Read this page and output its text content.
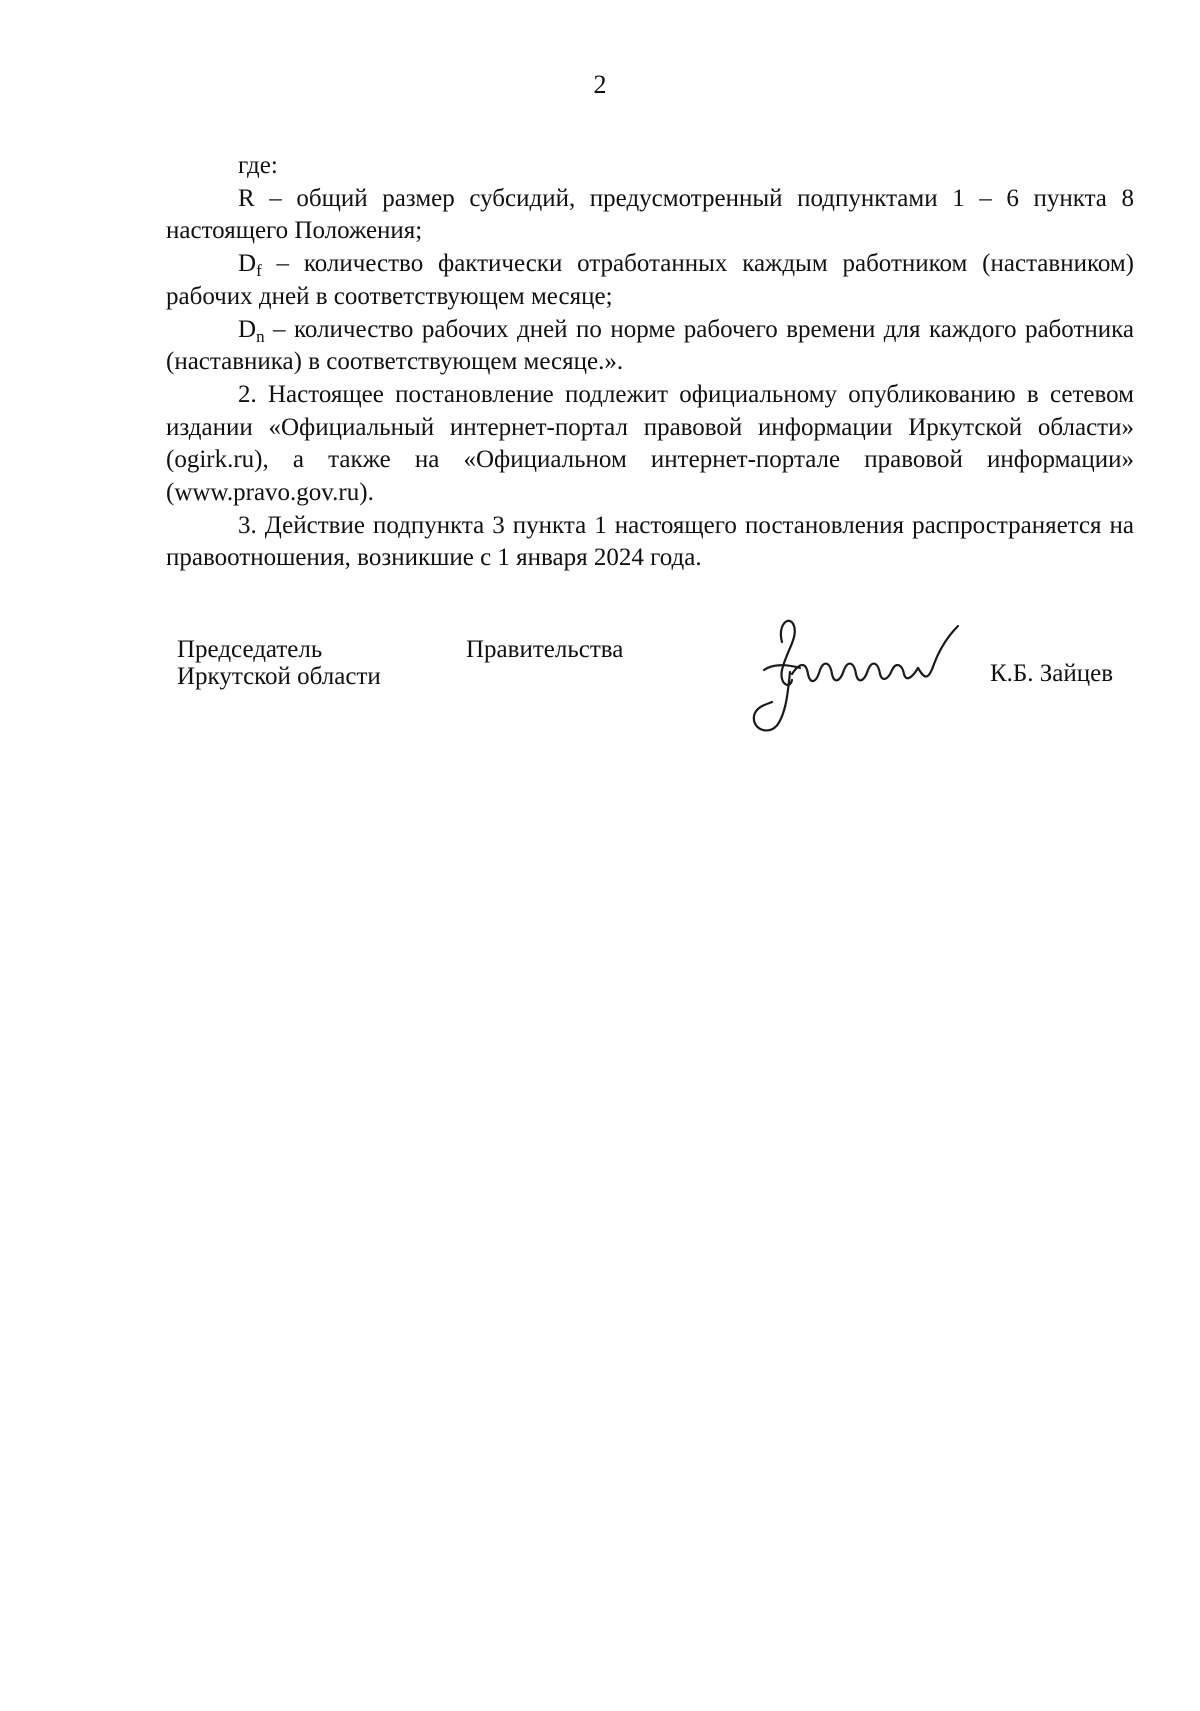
2

где:

R – общий размер субсидий, предусмотренный подпунктами 1 – 6 пункта 8 настоящего Положения;

$D_f$ – количество фактически отработанных каждым работником (наставником) рабочих дней в соответствующем месяце;

$D_n$ – количество рабочих дней по норме рабочего времени для каждого работника (наставника) в соответствующем месяце.».

2. Настоящее постановление подлежит официальному опубликованию в сетевом издании «Официальный интернет-портал правовой информации Иркутской области» (ogirk.ru), а также на «Официальном интернет-портале правовой информации» (www.pravo.gov.ru).

3. Действие подпункта 3 пункта 1 настоящего постановления распространяется на правоотношения, возникшие с 1 января 2024 года.

Председатель
Иркутской области
Правительства
К.Б. Зайцев
